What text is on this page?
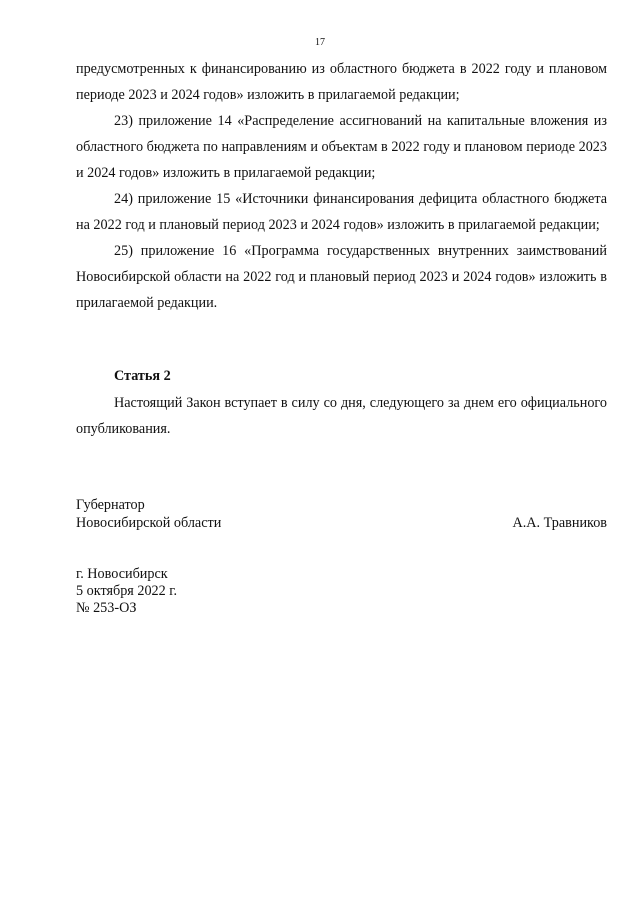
17

предусмотренных к финансированию из областного бюджета в 2022 году и плановом периоде 2023 и 2024 годов» изложить в прилагаемой редакции;

23) приложение 14 «Распределение ассигнований на капитальные вложения из областного бюджета по направлениям и объектам в 2022 году и плановом периоде 2023 и 2024 годов» изложить в прилагаемой редакции;

24) приложение 15 «Источники финансирования дефицита областного бюджета на 2022 год и плановый период 2023 и 2024 годов» изложить в прилагаемой редакции;

25) приложение 16 «Программа государственных внутренних заимствований Новосибирской области на 2022 год и плановый период 2023 и 2024 годов» изложить в прилагаемой редакции.

Статья 2

Настоящий Закон вступает в силу со дня, следующего за днем его официального опубликования.

Губернатор
Новосибирской области	А.А. Травников
г. Новосибирск
5 октября 2022 г.
№ 253-ОЗ
